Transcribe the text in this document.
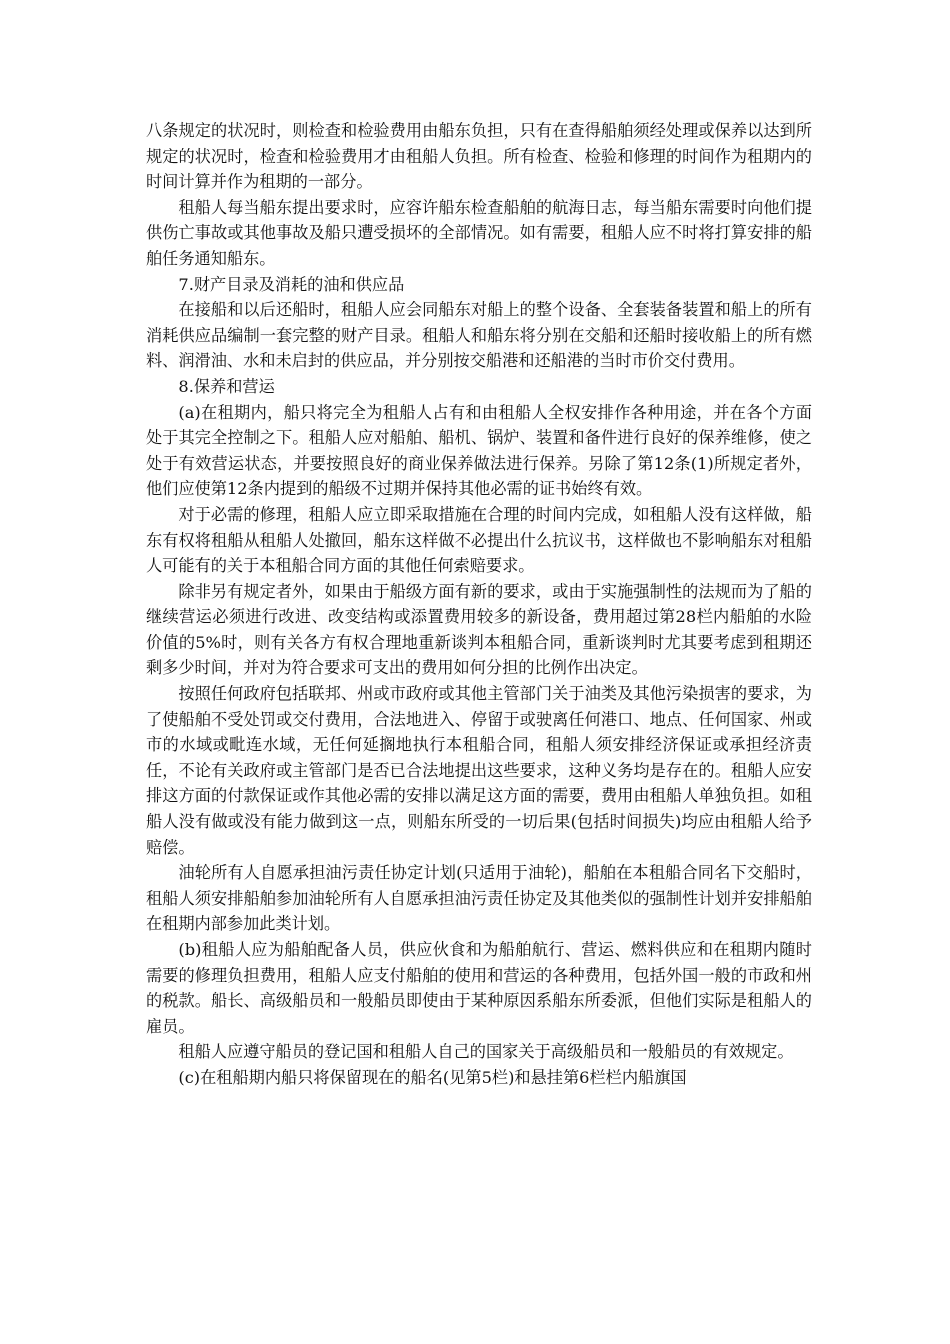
八条规定的状况时，则检查和检验费用由船东负担，只有在查得船舶须经处理或保养以达到所规定的状况时，检查和检验费用才由租船人负担。所有检查、检验和修理的时间作为租期内的时间计算并作为租期的一部分。

租船人每当船东提出要求时，应容许船东检查船舶的航海日志，每当船东需要时向他们提供伤亡事故或其他事故及船只遭受损坏的全部情况。如有需要，租船人应不时将打算安排的船舶任务通知船东。

7.财产目录及消耗的油和供应品

在接船和以后还船时，租船人应会同船东对船上的整个设备、全套装备装置和船上的所有消耗供应品编制一套完整的财产目录。租船人和船东将分别在交船和还船时接收船上的所有燃料、润滑油、水和未启封的供应品，并分别按交船港和还船港的当时市价交付费用。

8.保养和营运

(a)在租期内，船只将完全为租船人占有和由租船人全权安排作各种用途，并在各个方面处于其完全控制之下。租船人应对船舶、船机、锅炉、装置和备件进行良好的保养维修，使之处于有效营运状态，并要按照良好的商业保养做法进行保养。另除了第12条(1)所规定者外，他们应使第12条内提到的船级不过期并保持其他必需的证书始终有效。

对于必需的修理，租船人应立即采取措施在合理的时间内完成，如租船人没有这样做，船东有权将租船从租船人处撤回，船东这样做不必提出什么抗议书，这样做也不影响船东对租船人可能有的关于本租船合同方面的其他任何索赔要求。

除非另有规定者外，如果由于船级方面有新的要求，或由于实施强制性的法规而为了船的继续营运必须进行改进、改变结构或添置费用较多的新设备，费用超过第28栏内船舶的水险价值的5%时，则有关各方有权合理地重新谈判本租船合同，重新谈判时尤其要考虑到租期还剩多少时间，并对为符合要求可支出的费用如何分担的比例作出决定。

按照任何政府包括联邦、州或市政府或其他主管部门关于油类及其他污染损害的要求，为了使船舶不受处罚或交付费用，合法地进入、停留于或驶离任何港口、地点、任何国家、州或市的水域或毗连水域，无任何延搁地执行本租船合同，租船人须安排经济保证或承担经济责任，不论有关政府或主管部门是否已合法地提出这些要求，这种义务均是存在的。租船人应安排这方面的付款保证或作其他必需的安排以满足这方面的需要，费用由租船人单独负担。如租船人没有做或没有能力做到这一点，则船东所受的一切后果(包括时间损失)均应由租船人给予赔偿。

油轮所有人自愿承担油污责任协定计划(只适用于油轮)，船舶在本租船合同名下交船时，租船人须安排船舶参加油轮所有人自愿承担油污责任协定及其他类似的强制性计划并安排船舶在租期内部参加此类计划。

(b)租船人应为船舶配备人员，供应伙食和为船舶航行、营运、燃料供应和在租期内随时需要的修理负担费用，租船人应支付船舶的使用和营运的各种费用，包括外国一般的市政和州的税款。船长、高级船员和一般船员即使由于某种原因系船东所委派，但他们实际是租船人的雇员。

租船人应遵守船员的登记国和租船人自己的国家关于高级船员和一般船员的有效规定。

(c)在租船期内船只将保留现在的船名(见第5栏)和悬挂第6栏栏内船旗国
